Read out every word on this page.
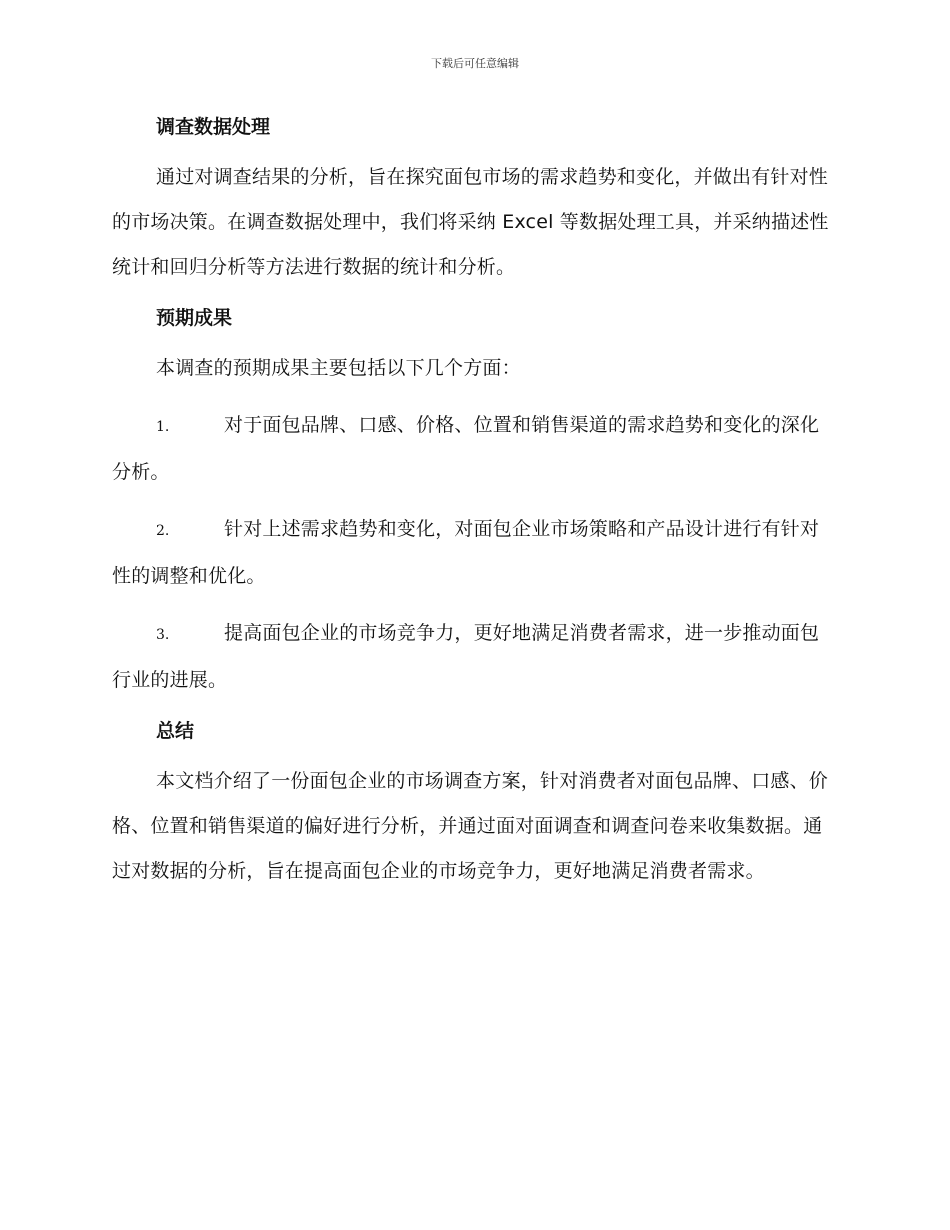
下载后可任意编辑
调查数据处理

通过对调查结果的分析，旨在探究面包市场的需求趋势和变化，并做出有针对性的市场决策。在调查数据处理中，我们将采纳 Excel 等数据处理工具，并采纳描述性统计和回归分析等方法进行数据的统计和分析。

预期成果

本调查的预期成果主要包括以下几个方面：

1.	对于面包品牌、口感、价格、位置和销售渠道的需求趋势和变化的深化分析。

2.	针对上述需求趋势和变化，对面包企业市场策略和产品设计进行有针对性的调整和优化。

3.	提高面包企业的市场竞争力，更好地满足消费者需求，进一步推动面包行业的进展。

总结

本文档介绍了一份面包企业的市场调查方案，针对消费者对面包品牌、口感、价格、位置和销售渠道的偏好进行分析，并通过面对面调查和调查问卷来收集数据。通过对数据的分析，旨在提高面包企业的市场竞争力，更好地满足消费者需求。
